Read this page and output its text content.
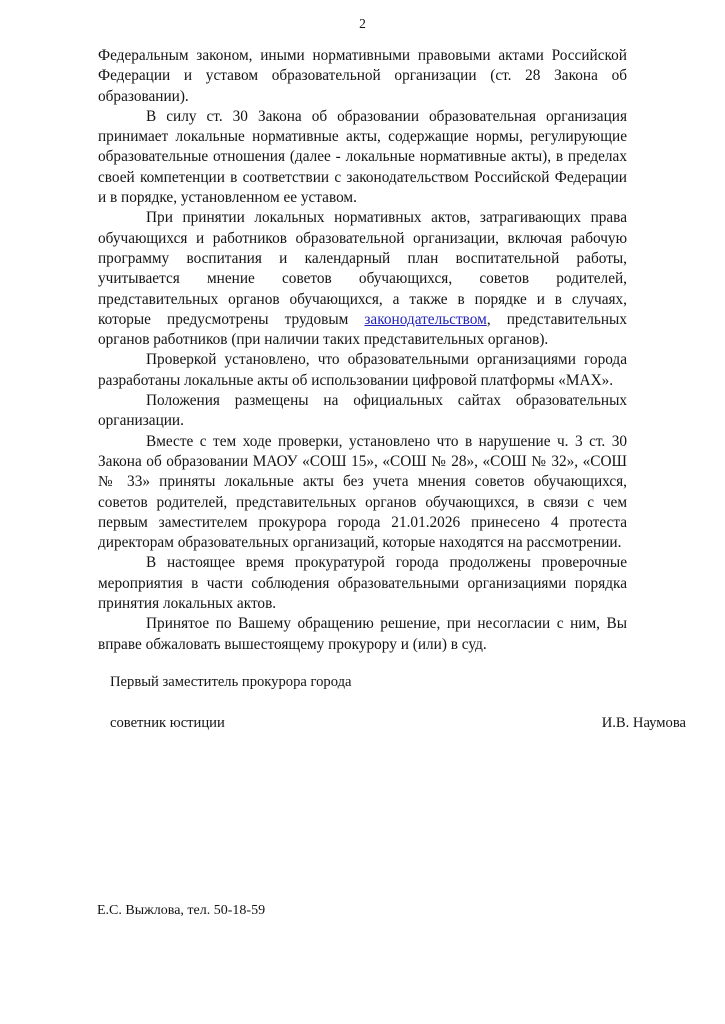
2

Федеральным законом, иными нормативными правовыми актами Российской Федерации и уставом образовательной организации (ст. 28 Закона об образовании).

В силу ст. 30 Закона об образовании образовательная организация принимает локальные нормативные акты, содержащие нормы, регулирующие образовательные отношения (далее - локальные нормативные акты), в пределах своей компетенции в соответствии с законодательством Российской Федерации и в порядке, установленном ее уставом.

При принятии локальных нормативных актов, затрагивающих права обучающихся и работников образовательной организации, включая рабочую программу воспитания и календарный план воспитательной работы, учитывается мнение советов обучающихся, советов родителей, представительных органов обучающихся, а также в порядке и в случаях, которые предусмотрены трудовым законодательством, представительных органов работников (при наличии таких представительных органов).

Проверкой установлено, что образовательными организациями города разработаны локальные акты об использовании цифровой платформы «МАХ».

Положения размещены на официальных сайтах образовательных организации.

Вместе с тем ходе проверки, установлено что в нарушение ч. 3 ст. 30 Закона об образовании МАОУ «СОШ 15», «СОШ № 28», «СОШ № 32», «СОШ № 33» приняты локальные акты без учета мнения советов обучающихся, советов родителей, представительных органов обучающихся, в связи с чем первым заместителем прокурора города 21.01.2026 принесено 4 протеста директорам образовательных организаций, которые находятся на рассмотрении.

В настоящее время прокуратурой города продолжены проверочные мероприятия в части соблюдения образовательными организациями порядка принятия локальных актов.

Принятое по Вашему обращению решение, при несогласии с ним, Вы вправе обжаловать вышестоящему прокурору и (или) в суд.

Первый заместитель прокурора города

советник юстиции	И.В. Наумова
Е.С. Выжлова, тел. 50-18-59
